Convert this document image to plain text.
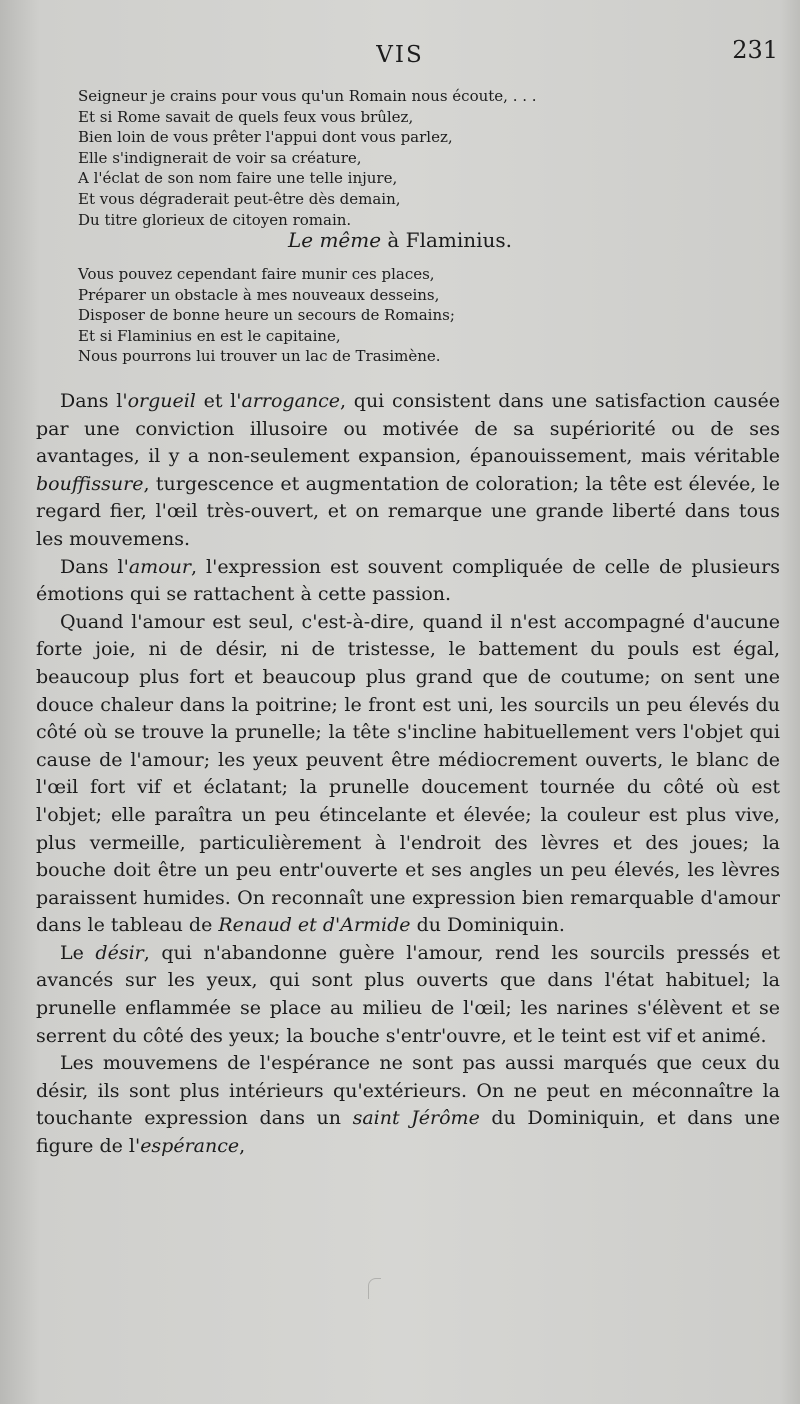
VIS	231
Seigneur je crains pour vous qu'un Romain nous écoute, . . .
Et si Rome savait de quels feux vous brûlez,
Bien loin de vous prêter l'appui dont vous parlez,
Elle s'indignerait de voir sa créature,
A l'éclat de son nom faire une telle injure,
Et vous dégraderait peut-être dès demain,
Du titre glorieux de citoyen romain.
Le même à Flaminius.
Vous pouvez cependant faire munir ces places,
Préparer un obstacle à mes nouveaux desseins,
Disposer de bonne heure un secours de Romains;
Et si Flaminius en est le capitaine,
Nous pourrons lui trouver un lac de Trasimène.

Dans l'orgueil et l'arrogance, qui consistent dans une satisfaction causée par une conviction illusoire ou motivée de sa supériorité ou de ses avantages, il y a non-seulement expansion, épanouissement, mais véritable bouffissure, turgescence et augmentation de coloration; la tête est élevée, le regard fier, l'œil très-ouvert, et on remarque une grande liberté dans tous les mouvemens.

Dans l'amour, l'expression est souvent compliquée de celle de plusieurs émotions qui se rattachent à cette passion.

Quand l'amour est seul, c'est-à-dire, quand il n'est accompagné d'aucune forte joie, ni de désir, ni de tristesse, le battement du pouls est égal, beaucoup plus fort et beaucoup plus grand que de coutume; on sent une douce chaleur dans la poitrine; le front est uni, les sourcils un peu élevés du côté où se trouve la prunelle; la tête s'incline habituellement vers l'objet qui cause de l'amour; les yeux peuvent être médiocrement ouverts, le blanc de l'œil fort vif et éclatant; la prunelle doucement tournée du côté où est l'objet; elle paraîtra un peu étincelante et élevée; la couleur est plus vive, plus vermeille, particulièrement à l'endroit des lèvres et des joues; la bouche doit être un peu entr'ouverte et ses angles un peu élevés, les lèvres paraissent humides. On reconnaît une expression bien remarquable d'amour dans le tableau de Renaud et d'Armide du Dominiquin.

Le désir, qui n'abandonne guère l'amour, rend les sourcils pressés et avancés sur les yeux, qui sont plus ouverts que dans l'état habituel; la prunelle enflammée se place au milieu de l'œil; les narines s'élèvent et se serrent du côté des yeux; la bouche s'entr'ouvre, et le teint est vif et animé.

Les mouvemens de l'espérance ne sont pas aussi marqués que ceux du désir, ils sont plus intérieurs qu'extérieurs. On ne peut en méconnaître la touchante expression dans un saint Jérôme du Dominiquin, et dans une figure de l'espérance,
